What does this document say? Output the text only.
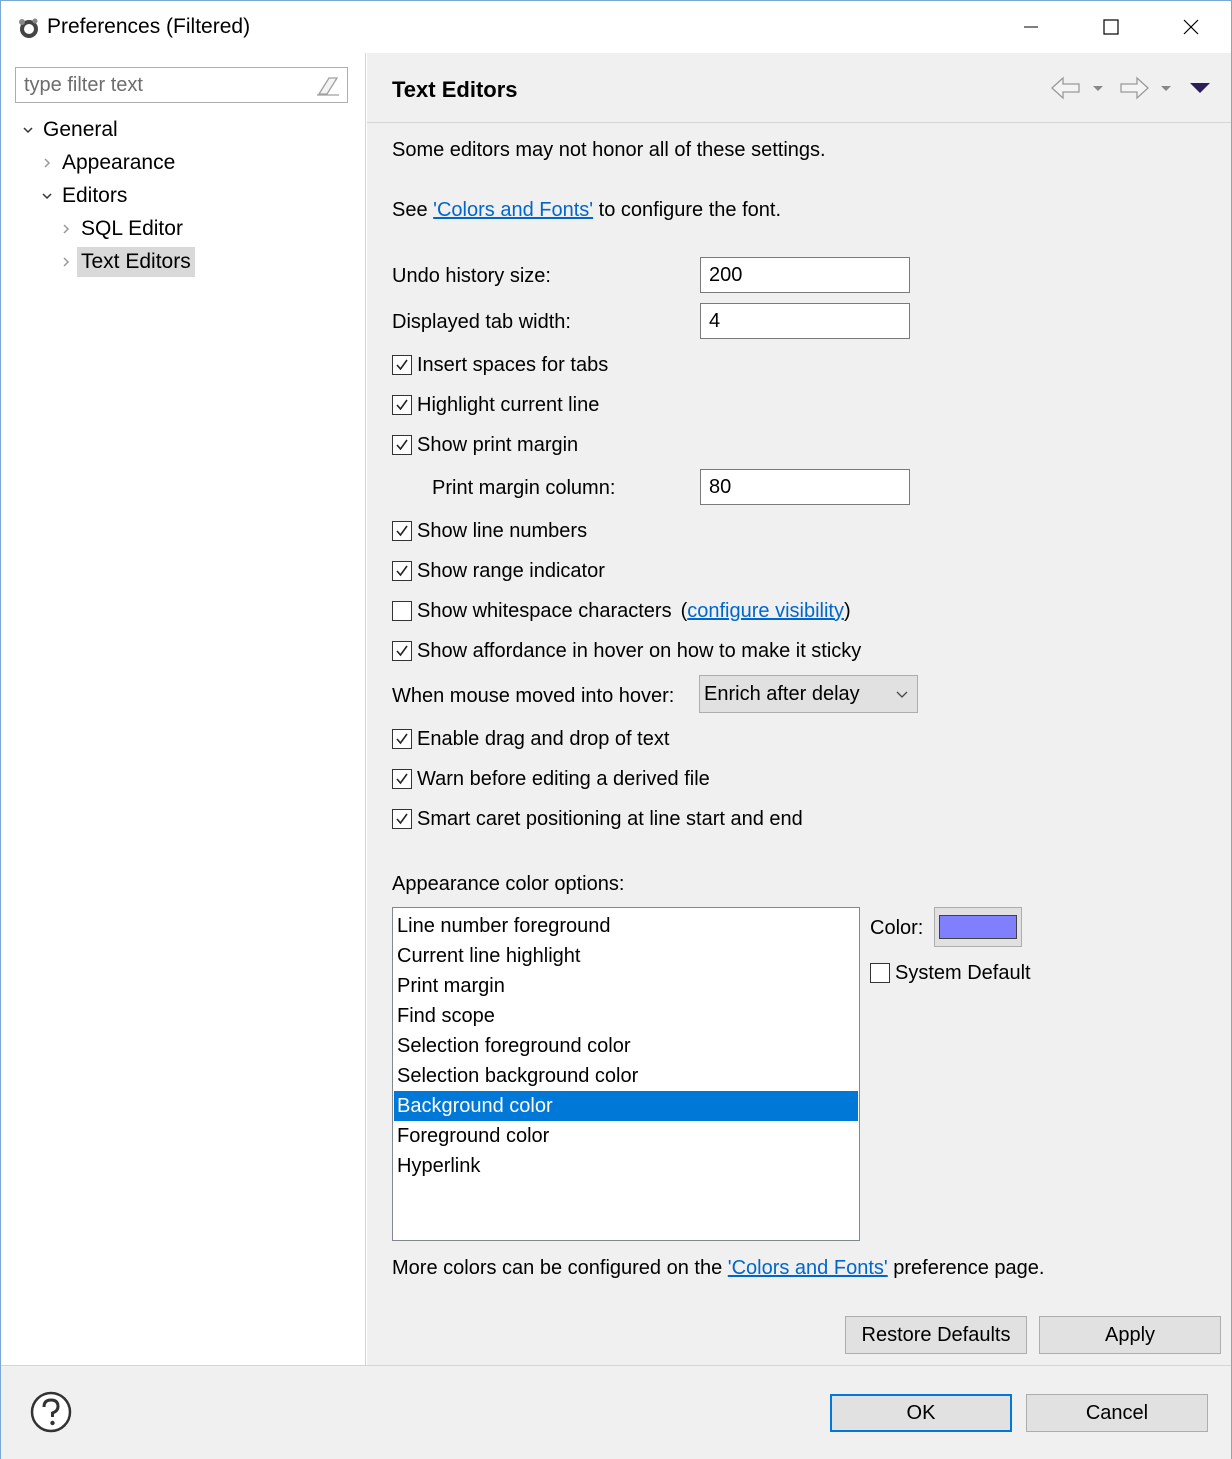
Preferences (Filtered)
type filter text
General
Appearance
Editors
SQL Editor
Text Editors
Text Editors
Some editors may not honor all of these settings.
See 'Colors and Fonts' to configure the font.
Undo history size:
200
Displayed tab width:
4
Insert spaces for tabs
Highlight current line
Show print margin
Print margin column:
80
Show line numbers
Show range indicator
Show whitespace characters ( configure visibility )
Show affordance in hover on how to make it sticky
When mouse moved into hover: Enrich after delay
Enable drag and drop of text
Warn before editing a derived file
Smart caret positioning at line start and end
Appearance color options:
Line number foreground
Current line highlight
Print margin
Find scope
Selection foreground color
Selection background color
Background color
Foreground color
Hyperlink
Color:
System Default
More colors can be configured on the 'Colors and Fonts' preference page.
Restore Defaults	Apply
OK	Cancel
